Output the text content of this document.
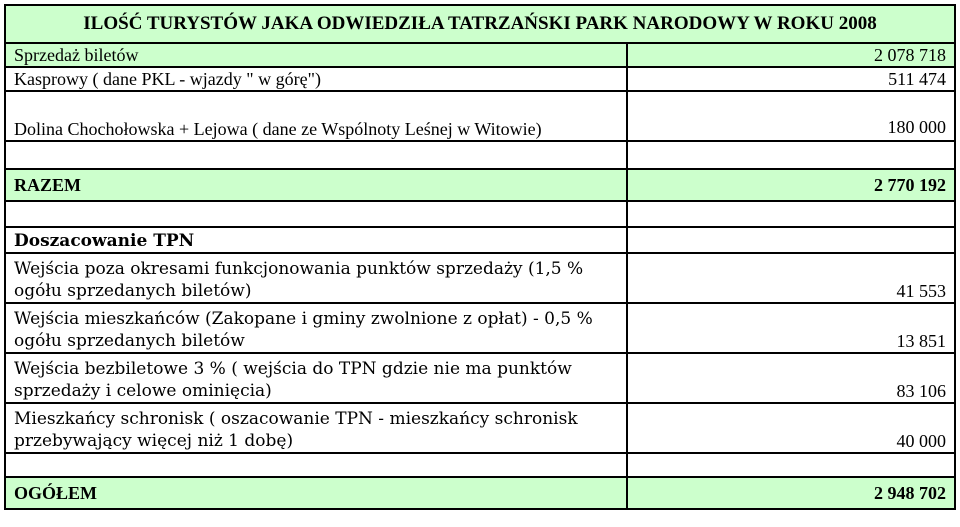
ILOŚĆ TURYSTÓW JAKA ODWIEDZIŁA TATRZAŃSKI PARK NARODOWY W ROKU 2008	
Sprzedaż biletów	2 078 718
Kasprowy ( dane PKL - wjazdy " w górę")	511 474
Dolina Chochołowska + Lejowa ( dane ze Wspólnoty Leśnej w Witowie)	180 000

RAZEM	2 770 192

Doszacowanie TPN	
Wejścia poza okresami funkcjonowania punktów sprzedaży (1,5 % ogółu sprzedanych biletów)	41 553
Wejścia mieszkańców (Zakopane i gminy zwolnione z opłat) - 0,5 % ogółu sprzedanych biletów	13 851
Wejścia bezbiletowe 3 % ( wejścia do TPN gdzie nie ma punktów sprzedaży i celowe ominięcia)	83 106
Mieszkańcy schronisk ( oszacowanie TPN - mieszkańcy schronisk przebywający więcej niż 1 dobę)	40 000

OGÓŁEM	2 948 702
